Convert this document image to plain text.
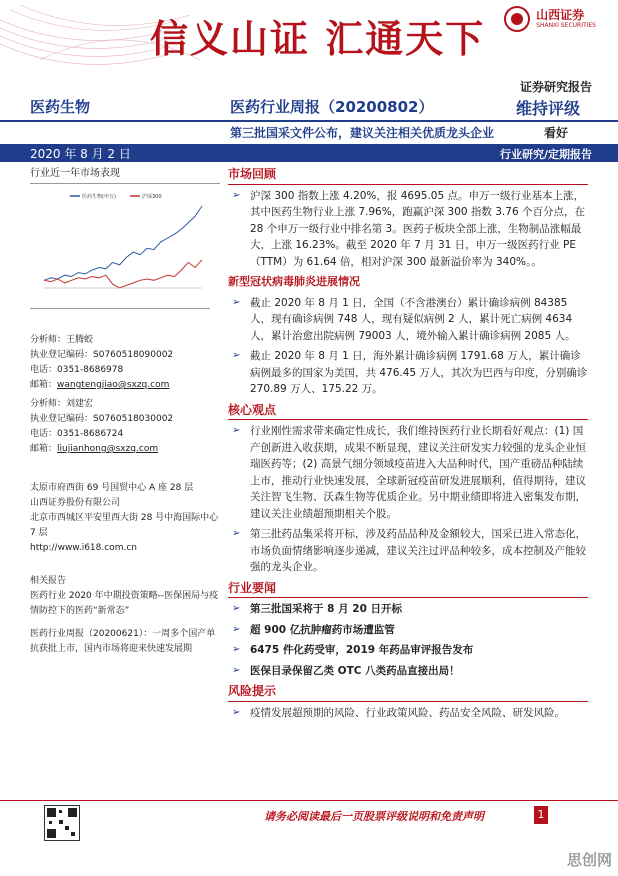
信义山证 汇通天下
山西证券
SHANXI SECURITIES
证券研究报告
医药生物	医药行业周报（20200802）	维持评级
第三批国采文件公布，建议关注相关优质龙头企业	看好
2020 年 8 月 2 日	行业研究/定期报告
行业近一年市场表现
医药生物(申万)	沪深300
分析师：王腾蛟
执业登记编码：S0760518090002
电话：0351-8686978
邮箱：wangtengjiao@sxzq.com
分析师：刘建宏
执业登记编码：S0760518030002
电话：0351-8686724
邮箱：liujianhong@sxzq.com
太原市府西街 69 号国贸中心 A 座 28 层
山西证券股份有限公司
北京市西城区平安里西大街 28 号中海国际中心 7 层
http://www.i618.com.cn
相关报告
医药行业 2020 年中期投资策略--医保困局与疫情防控下的医药“新常态”
医药行业周报（20200621）：一周多个国产单抗获批上市，国内市场将迎来快速发展期
市场回顾
➢ 沪深 300 指数上涨 4.20%，报 4695.05 点。申万一级行业基本上涨，其中医药生物行业上涨 7.96%，跑赢沪深 300 指数 3.76 个百分点，在 28 个申万一级行业中排名第 3。医药子板块全部上涨，生物制品涨幅最大，上涨 16.23%。截至 2020 年 7 月 31 日，申万一级医药行业 PE（TTM）为 61.64 倍，相对沪深 300 最新溢价率为 340%。。
新型冠状病毒肺炎进展情况
➢ 截止 2020 年 8 月 1 日，全国（不含港澳台）累计确诊病例 84385 人，现有确诊病例 748 人，现有疑似病例 2 人，累计死亡病例 4634 人，累计治愈出院病例 79003 人，境外输入累计确诊病例 2085 人。
➢ 截止 2020 年 8 月 1 日，海外累计确诊病例 1791.68 万人，累计确诊病例最多的国家为美国，共 476.45 万人，其次为巴西与印度，分别确诊 270.89 万人、175.22 万。
核心观点
➢ 行业刚性需求带来确定性成长，我们维持医药行业长期看好观点：(1) 国产创新进入收获期，成果不断显现，建议关注研发实力较强的龙头企业恒瑞医药等；(2) 高景气细分领域疫苗进入大品种时代，国产重磅品种陆续上市，推动行业快速发展，全球新冠疫苗研发进展顺利，值得期待，建议关注智飞生物、沃森生物等优质企业。另中期业绩即将进入密集发布期，建议关注业绩超预期相关个股。
➢ 第三批药品集采将开标，涉及药品品种及金额较大，国采已进入常态化，市场负面情绪影响逐步递减，建议关注过评品种较多，成本控制及产能较强的龙头企业。
行业要闻
➢ 第三批国采将于 8 月 20 日开标
➢ 超 900 亿抗肿瘤药市场遭监管
➢ 6475 件化药受审，2019 年药品审评报告发布
➢ 医保目录保留乙类 OTC 八类药品直接出局！
风险提示
➢ 疫情发展超预期的风险、行业政策风险、药品安全风险、研发风险。
请务必阅读最后一页股票评级说明和免责声明	1
思创网
